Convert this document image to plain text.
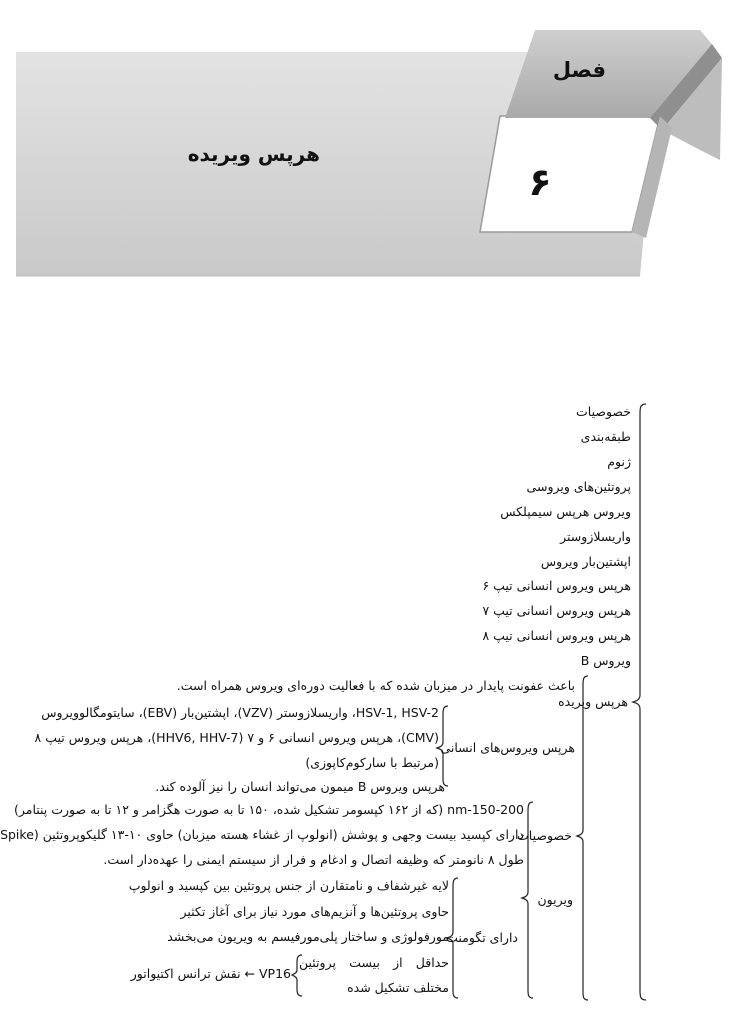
فصل
۶
هرپس ویریده
خصوصیات
طبقه‌بندی
ژنوم
پروتئین‌های ویروسی
ویروس هرپس سیمپلکس
واریسلازوستر
اپشتین‌بار ویروس
هرپس ویروس انسانی تیپ ۶
هرپس ویروس انسانی تیپ ۷
هرپس ویروس انسانی تیپ ۸
ویروس B
هرپس ویریده
خصوصیات
باعث عفونت پایدار در میزبان شده که با فعالیت دوره‌ای ویروس همراه است.
هرپس ویروس‌های انسانی
HSV-1, HSV-2، واریسلازوستر (VZV)، اپشتین‌بار (EBV)، سایتومگالوویروس
(CMV)، هرپس ویروس انسانی ۶ و ۷ (HHV6, HHV-7)، هرپس ویروس تیپ ۸
(مرتبط با سارکوم‌کاپوزی)
هرپس ویروس B میمون می‌تواند انسان را نیز آلوده کند.
ویریون
150-200-nm (که از ۱۶۲ کپسومر تشکیل شده، ۱۵۰ تا به صورت هگزامر و ۱۲ تا به صورت پنتامر)
دارای کپسید بیست وجهی و پوشش (انولوپ از غشاء هسته میزبان) حاوی ۱۰-۱۳ گلیکوپروتئین (Spike
طول ۸ نانومتر که وظیفه اتصال و ادغام و فرار از سیستم ایمنی را عهده‌دار است.
دارای تگومنت
لایه غیرشفاف و نامتقارن از جنس پروتئین بین کپسید و انولوپ
حاوی پروتئین‌ها و آنزیم‌های مورد نیاز برای آغاز تکثیر
مورفولوژی و ساختار پلی‌مورفیسم به ویریون می‌بخشد
حداقل از بیست پروتئین
مختلف تشکیل شده
VP16 ← نقش ترانس اکتیواتور
